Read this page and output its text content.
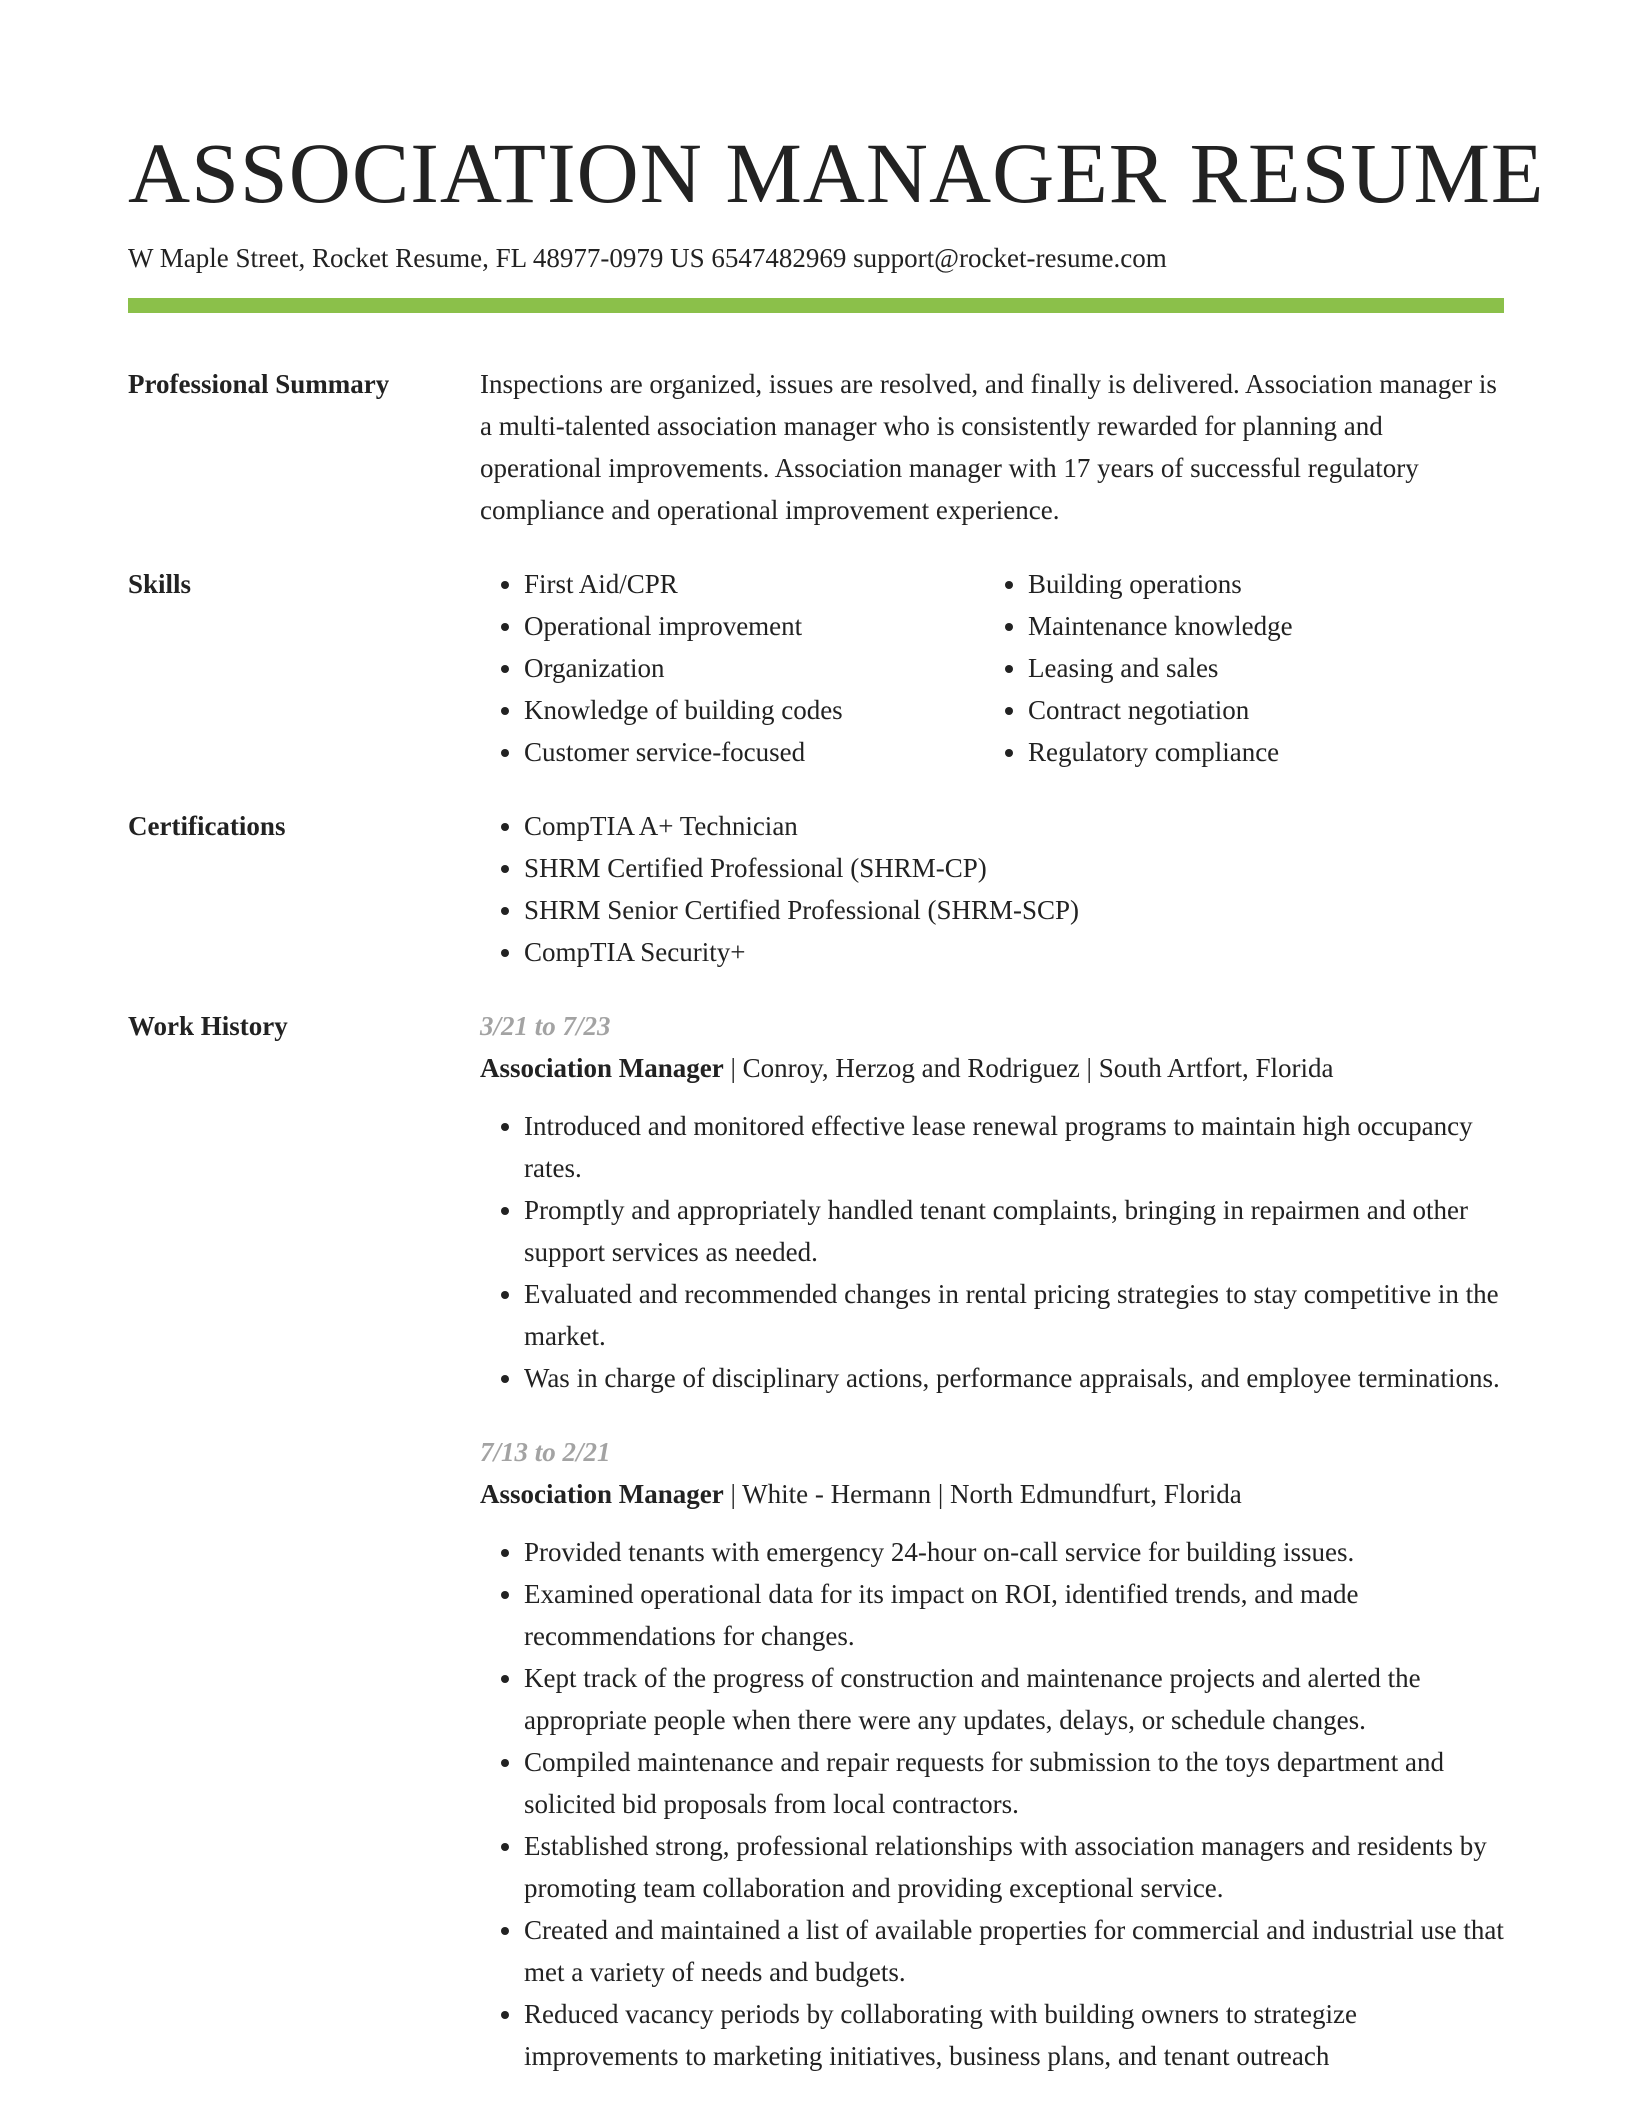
ASSOCIATION MANAGER RESUME
W Maple Street, Rocket Resume, FL 48977-0979 US 6547482969 support@rocket-resume.com
Professional Summary	Inspections are organized, issues are resolved, and finally is delivered. Association manager is a multi-talented association manager who is consistently rewarded for planning and operational improvements. Association manager with 17 years of successful regulatory compliance and operational improvement experience.

Skills	• First Aid/CPR
• Operational improvement
• Organization
• Knowledge of building codes
• Customer service-focused
• Building operations
• Maintenance knowledge
• Leasing and sales
• Contract negotiation
• Regulatory compliance
Certifications	• CompTIA A+ Technician
• SHRM Certified Professional (SHRM-CP)
• SHRM Senior Certified Professional (SHRM-SCP)
• CompTIA Security+
Work History	3/21 to 7/23
Association Manager | Conroy, Herzog and Rodriguez | South Artfort, Florida
• Introduced and monitored effective lease renewal programs to maintain high occupancy rates.
• Promptly and appropriately handled tenant complaints, bringing in repairmen and other support services as needed.
• Evaluated and recommended changes in rental pricing strategies to stay competitive in the market.
• Was in charge of disciplinary actions, performance appraisals, and employee terminations.
7/13 to 2/21
Association Manager | White - Hermann | North Edmundfurt, Florida
• Provided tenants with emergency 24-hour on-call service for building issues.
• Examined operational data for its impact on ROI, identified trends, and made recommendations for changes.
• Kept track of the progress of construction and maintenance projects and alerted the appropriate people when there were any updates, delays, or schedule changes.
• Compiled maintenance and repair requests for submission to the toys department and solicited bid proposals from local contractors.
• Established strong, professional relationships with association managers and residents by promoting team collaboration and providing exceptional service.
• Created and maintained a list of available properties for commercial and industrial use that met a variety of needs and budgets.
• Reduced vacancy periods by collaborating with building owners to strategize improvements to marketing initiatives, business plans, and tenant outreach
